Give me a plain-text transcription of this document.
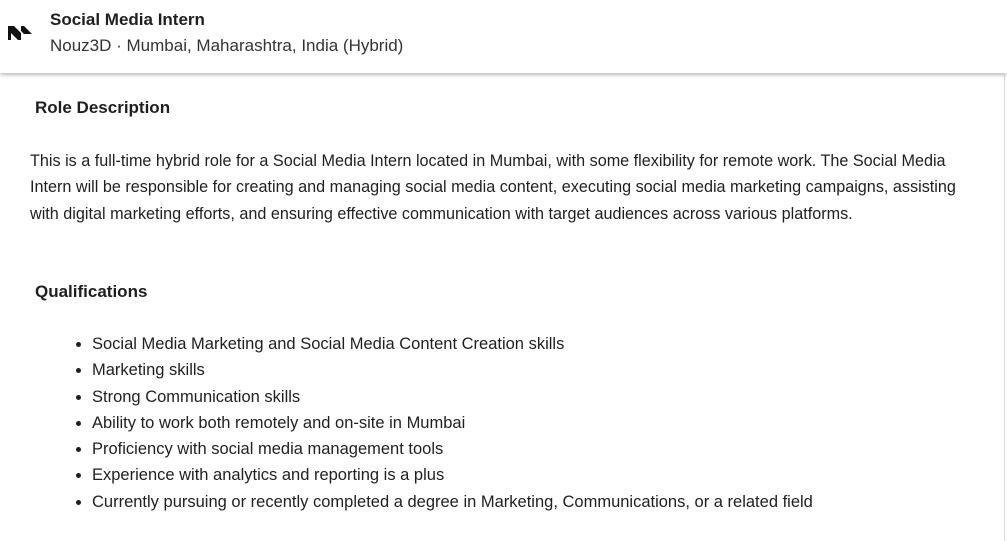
Social Media Intern
Nouz3D · Mumbai, Maharashtra, India (Hybrid)
Role Description

This is a full-time hybrid role for a Social Media Intern located in Mumbai, with some flexibility for remote work. The Social Media Intern will be responsible for creating and managing social media content, executing social media marketing campaigns, assisting with digital marketing efforts, and ensuring effective communication with target audiences across various platforms.

Qualifications
• Social Media Marketing and Social Media Content Creation skills
• Marketing skills
• Strong Communication skills
• Ability to work both remotely and on-site in Mumbai
• Proficiency with social media management tools
• Experience with analytics and reporting is a plus
• Currently pursuing or recently completed a degree in Marketing, Communications, or a related field
